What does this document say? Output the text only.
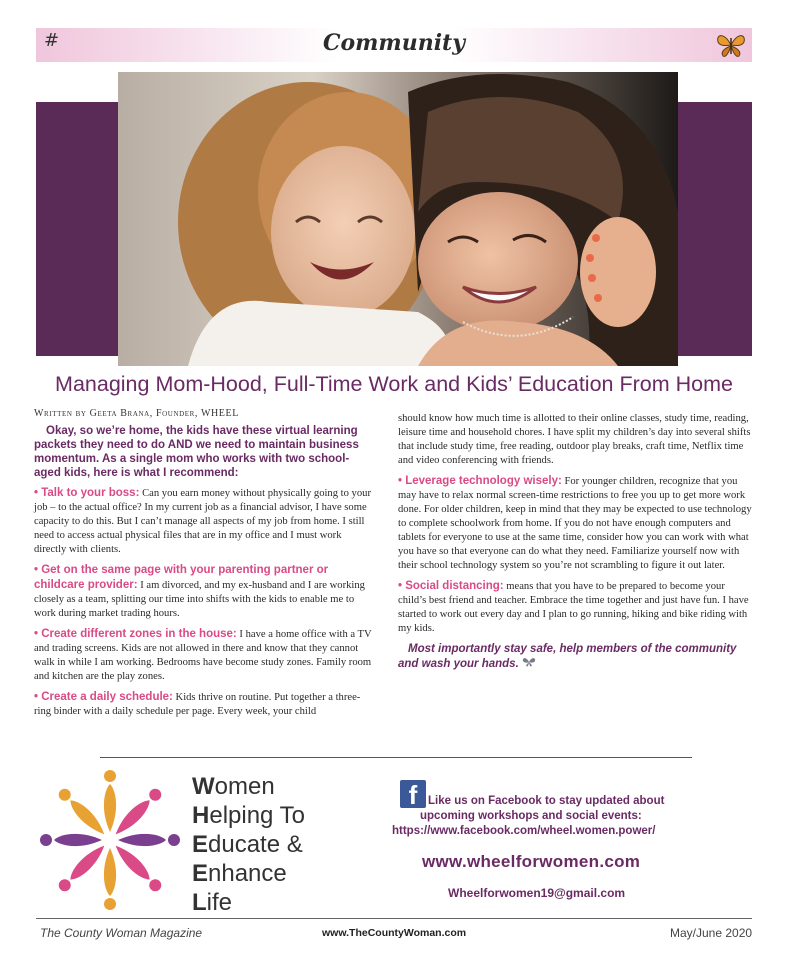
#	Community
Managing Mom-Hood, Full-Time Work and Kids’ Education From Home
Written by Geeta Brana, Founder, WHEEL

Okay, so we’re home, the kids have these virtual learning packets they need to do AND we need to maintain business momentum. As a single mom who works with two school-aged kids, here is what I recommend:

• Talk to your boss: Can you earn money without physically going to your job – to the actual office? In my current job as a financial advisor, I have some capacity to do this. But I can’t manage all aspects of my job from home. I still need to access actual physical files that are in my office and I must work directly with clients.

• Get on the same page with your parenting partner or childcare provider: I am divorced, and my ex-husband and I are working closely as a team, splitting our time into shifts with the kids to enable me to work during market trading hours.

• Create different zones in the house: I have a home office with a TV and trading screens. Kids are not allowed in there and know that they cannot walk in while I am working. Bedrooms have become study zones. Family room and kitchen are the play zones.

• Create a daily schedule: Kids thrive on routine. Put together a three-ring binder with a daily schedule per page. Every week, your child

should know how much time is allotted to their online classes, study time, reading, leisure time and household chores. I have split my children’s day into several shifts that include study time, free reading, outdoor play breaks, craft time, Netflix time and video conferencing with friends.

• Leverage technology wisely: For younger children, recognize that you may have to relax normal screen-time restrictions to free you up to get more work done. For older children, keep in mind that they may be expected to use technology to complete schoolwork from home. If you do not have enough computers and tablets for everyone to use at the same time, consider how you can work with what you have so that everyone can do what they need. Familiarize yourself now with their school technology system so you’re not scrambling to figure it out later.

• Social distancing: means that you have to be prepared to become your child’s best friend and teacher. Embrace the time together and just have fun. I have started to work out every day and I plan to go running, hiking and bike riding with my kids.

Most importantly stay safe, help members of the community and wash your hands.

Women
Helping To
Educate &
Enhance
Life
f Like us on Facebook to stay updated about
upcoming workshops and social events:
https://www.facebook.com/wheel.women.power/
www.wheelforwomen.com
Wheelforwomen19@gmail.com
The County Woman Magazine	www.TheCountyWoman.com	May/June 2020
